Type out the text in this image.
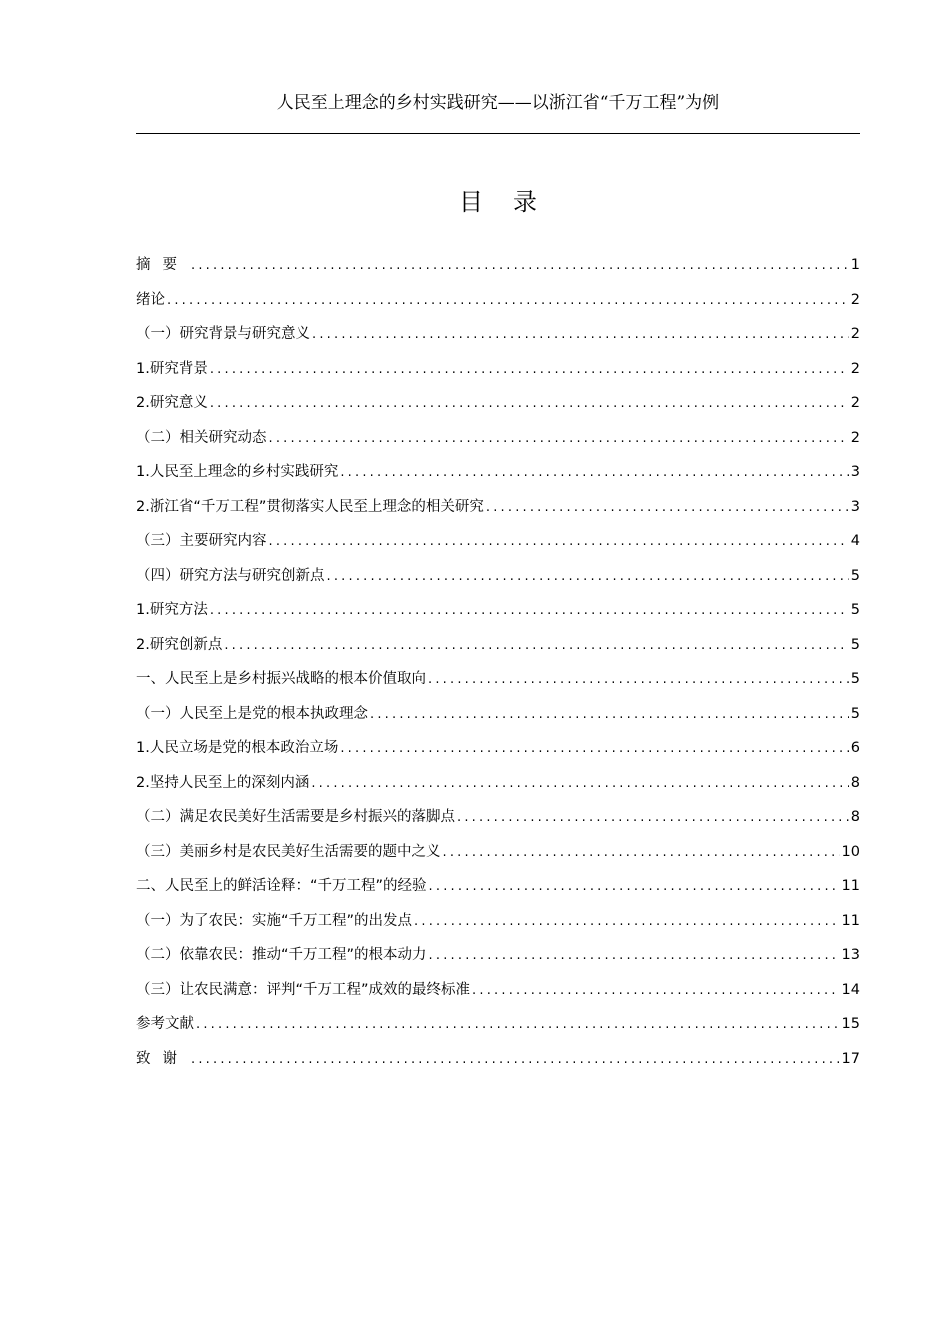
人民至上理念的乡村实践研究——以浙江省“千万工程”为例
目录
摘要 .....	1
绪论 .....	2
（一）研究背景与研究意义 .....	2
1.研究背景 .....	2
2.研究意义 .....	2
（二）相关研究动态 .....	2
1.人民至上理念的乡村实践研究 .....	3
2.浙江省“千万工程”贯彻落实人民至上理念的相关研究 .....	3
（三）主要研究内容 .....	4
（四）研究方法与研究创新点 .....	5
1.研究方法 .....	5
2.研究创新点 .....	5
一、人民至上是乡村振兴战略的根本价值取向 .....	5
（一）人民至上是党的根本执政理念 .....	5
1.人民立场是党的根本政治立场 .....	6
2.坚持人民至上的深刻内涵 .....	8
（二）满足农民美好生活需要是乡村振兴的落脚点 .....	8
（三）美丽乡村是农民美好生活需要的题中之义 .....	10
二、人民至上的鲜活诠释：“千万工程”的经验 .....	11
（一）为了农民：实施“千万工程”的出发点 .....	11
（二）依靠农民：推动“千万工程”的根本动力 .....	13
（三）让农民满意：评判“千万工程”成效的最终标准 .....	14
参考文献 .....	15
致谢 .....	17
